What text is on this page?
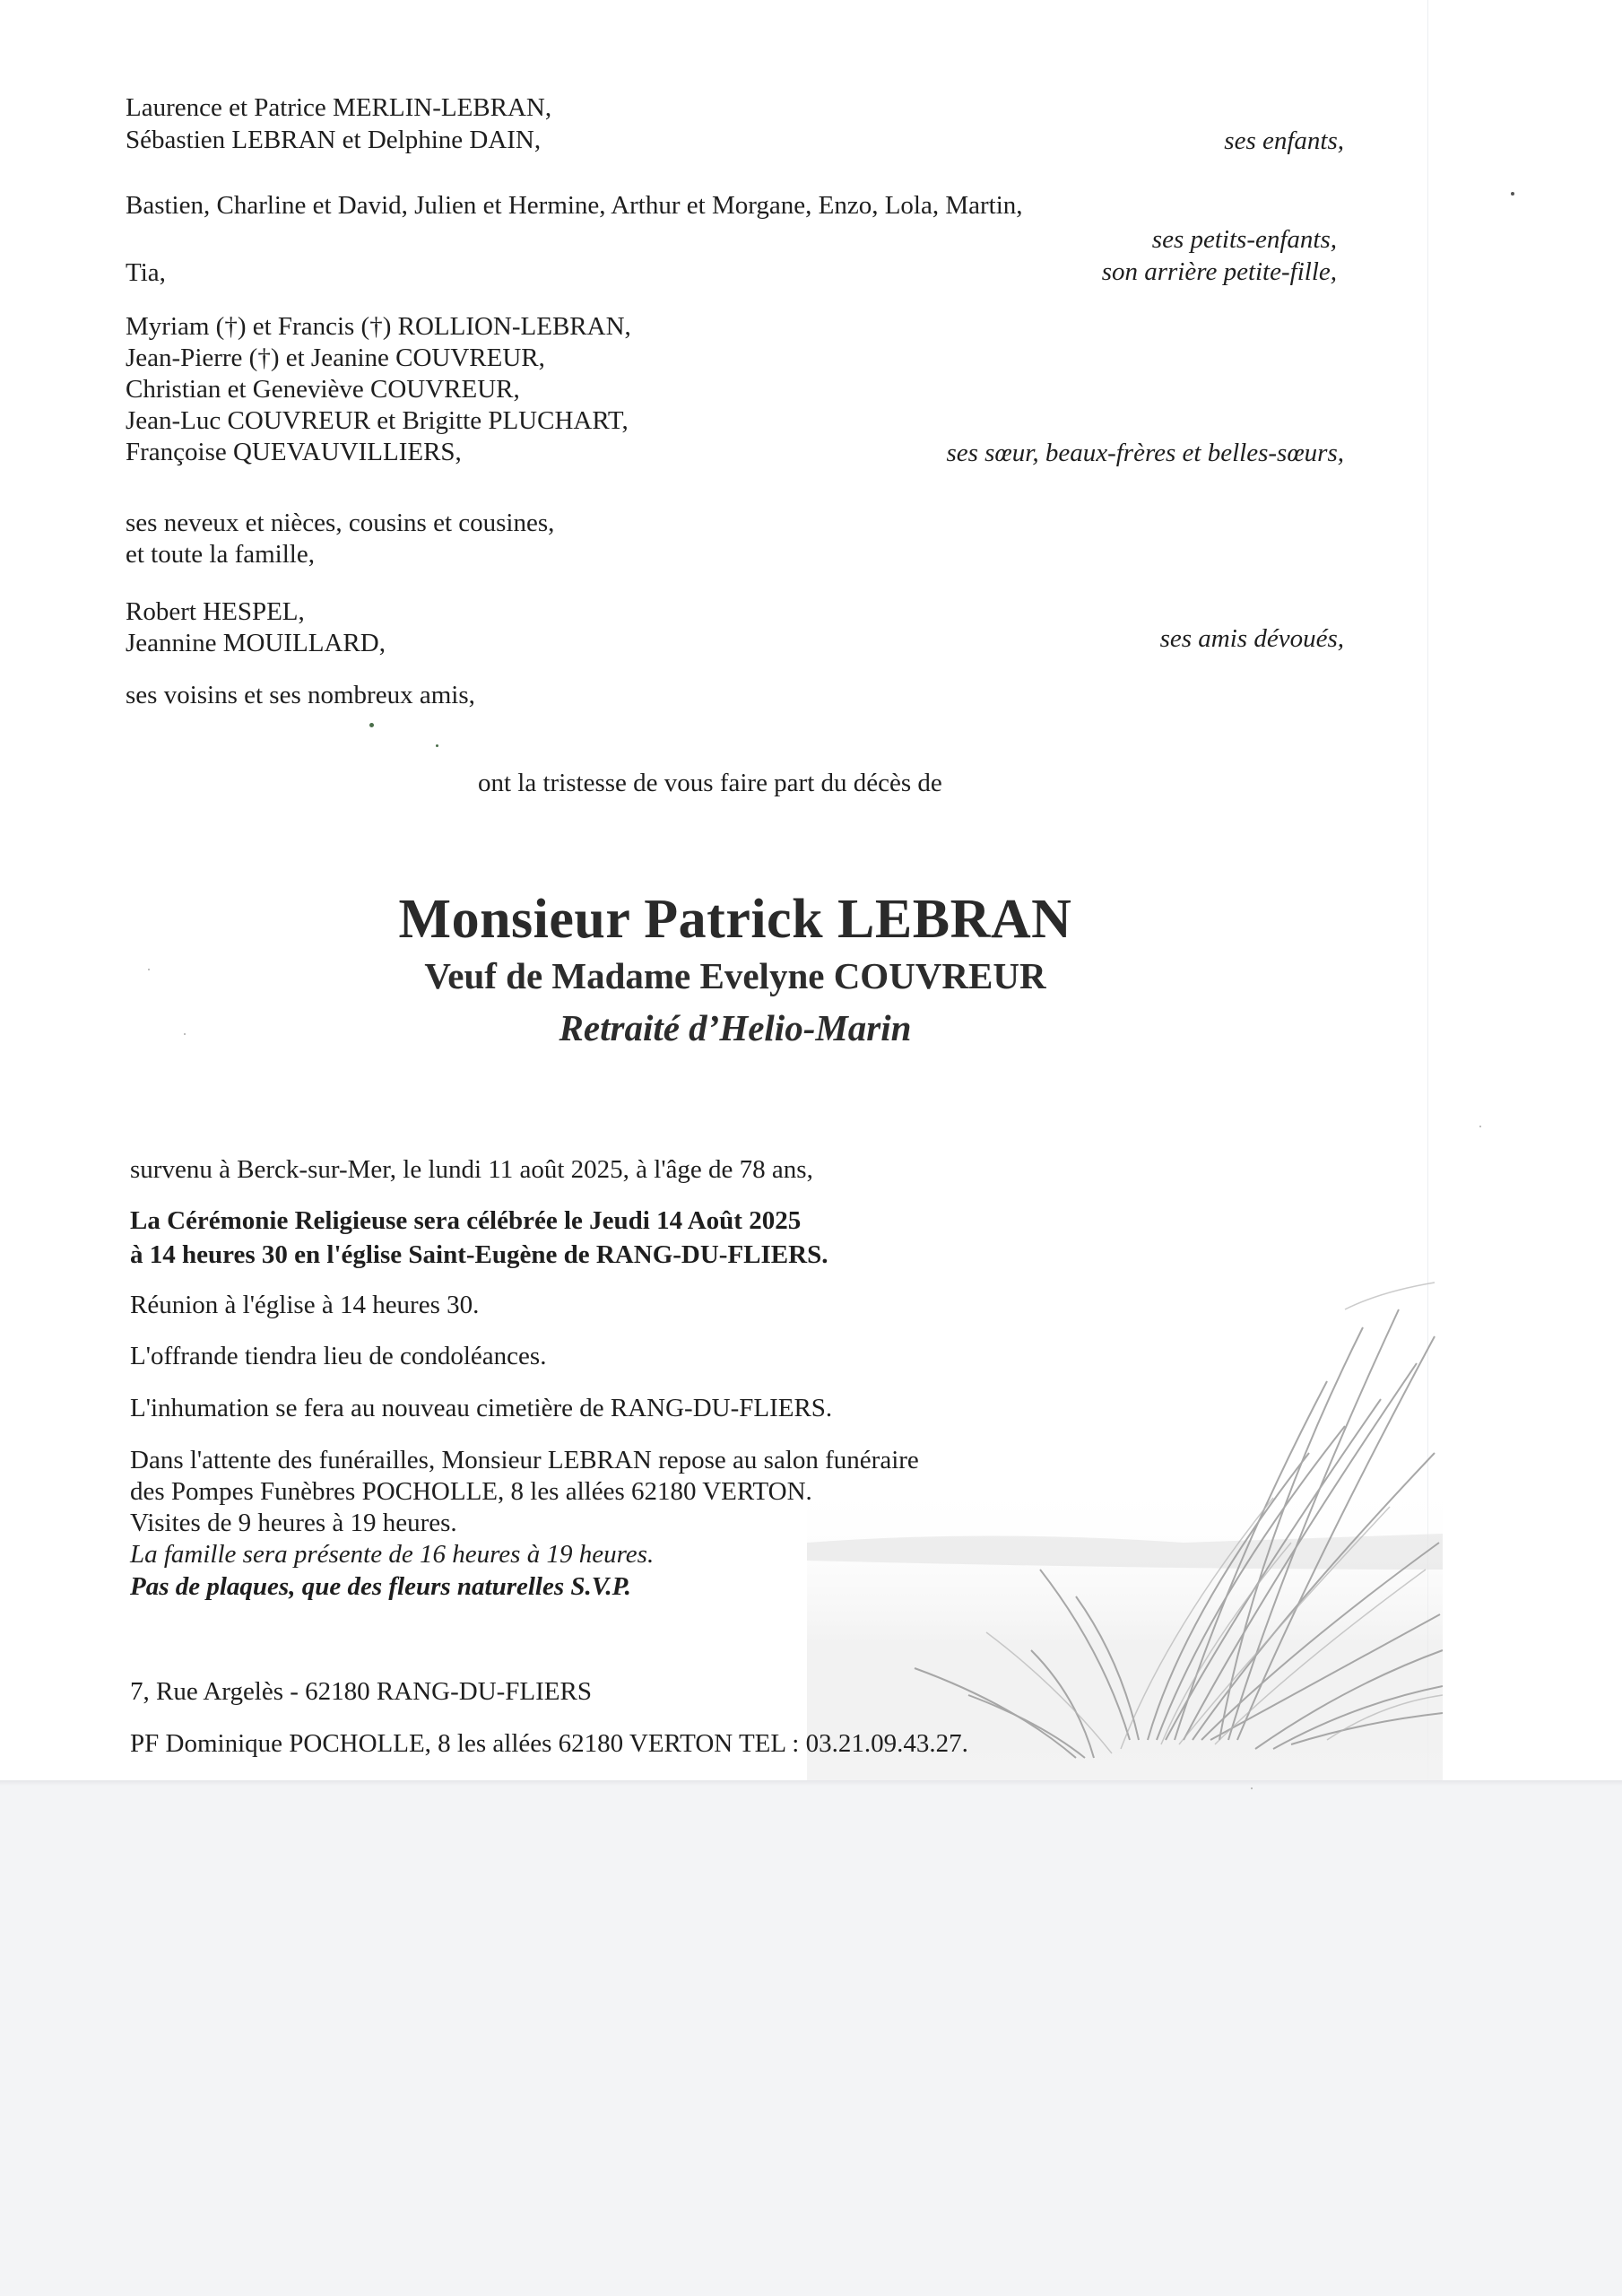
Laurence et Patrice MERLIN-LEBRAN,
Sébastien LEBRAN et Delphine DAIN,	ses enfants,
Bastien, Charline et David, Julien et Hermine, Arthur et Morgane, Enzo, Lola, Martin,
ses petits-enfants,
Tia,	son arrière petite-fille,
Myriam (†) et Francis (†) ROLLION-LEBRAN,
Jean-Pierre (†) et Jeanine COUVREUR,
Christian et Geneviève COUVREUR,
Jean-Luc COUVREUR et Brigitte PLUCHART,
Françoise QUEVAUVILLIERS,	ses sœur, beaux-frères et belles-sœurs,
ses neveux et nièces, cousins et cousines,
et toute la famille,
Robert HESPEL,
Jeannine MOUILLARD,	ses amis dévoués,
ses voisins et ses nombreux amis,
ont la tristesse de vous faire part du décès de
Monsieur Patrick LEBRAN
Veuf de Madame Evelyne COUVREUR
Retraité d’Helio-Marin
survenu à Berck-sur-Mer, le lundi 11 août 2025, à l'âge de 78 ans,
La Cérémonie Religieuse sera célébrée le Jeudi 14 Août 2025
à 14 heures 30 en l'église Saint-Eugène de RANG-DU-FLIERS.
Réunion à l'église à 14 heures 30.
L'offrande tiendra lieu de condoléances.
L'inhumation se fera au nouveau cimetière de RANG-DU-FLIERS.
Dans l'attente des funérailles, Monsieur LEBRAN repose au salon funéraire
des Pompes Funèbres POCHOLLE, 8 les allées 62180 VERTON.
Visites de 9 heures à 19 heures.
La famille sera présente de 16 heures à 19 heures.
Pas de plaques, que des fleurs naturelles S.V.P.
7, Rue Argelès - 62180 RANG-DU-FLIERS
PF Dominique POCHOLLE, 8 les allées 62180 VERTON TEL : 03.21.09.43.27.
